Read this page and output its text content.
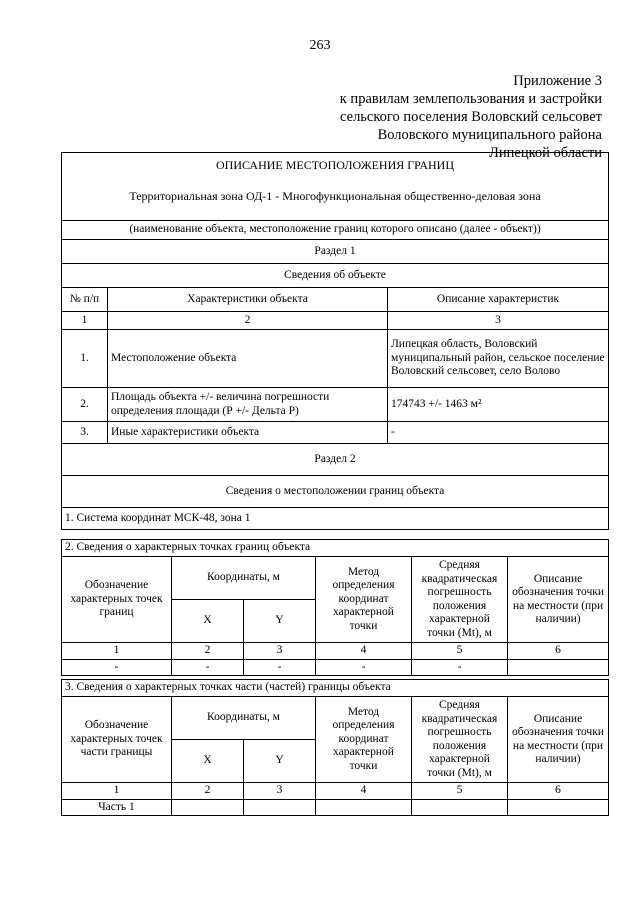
263
Приложение 3
к правилам землепользования и застройки
сельского поселения Воловский сельсовет
Воловского муниципального района
Липецкой области
ОПИСАНИЕ МЕСТОПОЛОЖЕНИЯ ГРАНИЦ
Территориальная зона ОД-1 - Многофункциональная общественно-деловая зона		

(наименование объекта, местоположение границ которого описано (далее - объект))		
Раздел 1		
Сведения об объекте		
№ п/п	Характеристики объекта	Описание характеристик
1	2	3
1.	Местоположение объекта	Липецкая область, Воловский муниципальный район, сельское поселение Воловский сельсовет, село Волово
2.	Площадь объекта +/- величина погрешности определения площади (Р +/- Дельта Р)	174743 +/- 1463 м²
3.	Иные характеристики объекта	-
Раздел 2		
Сведения о местоположении границ объекта		
1. Система координат МСК-48, зона 1		
2. Сведения о характерных точках границ объекта					
Обозначение характерных точек границ	Координаты, м		Метод определения координат характерной точки	Средняя квадратическая погрешность положения характерной точки (Mt), м	Описание обозначения точки на местности (при наличии)
	X	Y			
1	2	3	4	5	6
-	-	-	-	-	
3. Сведения о характерных точках части (частей) границы объекта					
Обозначение характерных точек части границы	Координаты, м		Метод определения координат характерной точки	Средняя квадратическая погрешность положения характерной точки (Mt), м	Описание обозначения точки на местности (при наличии)
	X	Y			
1	2	3	4	5	6
Часть 1					
